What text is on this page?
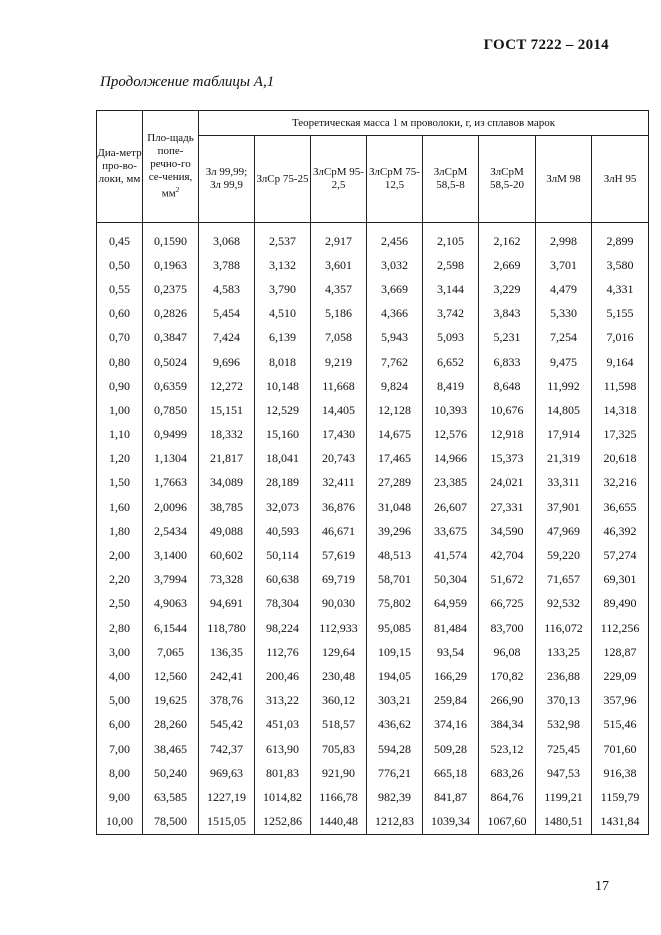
ГОСТ 7222 – 2014
Продолжение таблицы А,1
Диа-метр про-во-локи, мм	Пло-щадь попе-речно-го се-чения, $мм^2$	Теоретическая масса 1 м проволоки, г, из сплавов марок							
		Зл 99,99; Зл 99,9	ЗлСр 75-25	ЗлСрМ 95-2,5	ЗлСрМ 75-12,5	ЗлСрМ 58,5-8	ЗлСрМ 58,5-20	ЗлМ 98	ЗлН 95
0,45	0,1590	3,068	2,537	2,917	2,456	2,105	2,162	2,998	2,899
0,50	0,1963	3,788	3,132	3,601	3,032	2,598	2,669	3,701	3,580
0,55	0,2375	4,583	3,790	4,357	3,669	3,144	3,229	4,479	4,331
0,60	0,2826	5,454	4,510	5,186	4,366	3,742	3,843	5,330	5,155
0,70	0,3847	7,424	6,139	7,058	5,943	5,093	5,231	7,254	7,016
0,80	0,5024	9,696	8,018	9,219	7,762	6,652	6,833	9,475	9,164
0,90	0,6359	12,272	10,148	11,668	9,824	8,419	8,648	11,992	11,598
1,00	0,7850	15,151	12,529	14,405	12,128	10,393	10,676	14,805	14,318
1,10	0,9499	18,332	15,160	17,430	14,675	12,576	12,918	17,914	17,325
1,20	1,1304	21,817	18,041	20,743	17,465	14,966	15,373	21,319	20,618
1,50	1,7663	34,089	28,189	32,411	27,289	23,385	24,021	33,311	32,216
1,60	2,0096	38,785	32,073	36,876	31,048	26,607	27,331	37,901	36,655
1,80	2,5434	49,088	40,593	46,671	39,296	33,675	34,590	47,969	46,392
2,00	3,1400	60,602	50,114	57,619	48,513	41,574	42,704	59,220	57,274
2,20	3,7994	73,328	60,638	69,719	58,701	50,304	51,672	71,657	69,301
2,50	4,9063	94,691	78,304	90,030	75,802	64,959	66,725	92,532	89,490
2,80	6,1544	118,780	98,224	112,933	95,085	81,484	83,700	116,072	112,256
3,00	7,065	136,35	112,76	129,64	109,15	93,54	96,08	133,25	128,87
4,00	12,560	242,41	200,46	230,48	194,05	166,29	170,82	236,88	229,09
5,00	19,625	378,76	313,22	360,12	303,21	259,84	266,90	370,13	357,96
6,00	28,260	545,42	451,03	518,57	436,62	374,16	384,34	532,98	515,46
7,00	38,465	742,37	613,90	705,83	594,28	509,28	523,12	725,45	701,60
8,00	50,240	969,63	801,83	921,90	776,21	665,18	683,26	947,53	916,38
9,00	63,585	1227,19	1014,82	1166,78	982,39	841,87	864,76	1199,21	1159,79
10,00	78,500	1515,05	1252,86	1440,48	1212,83	1039,34	1067,60	1480,51	1431,84
17
